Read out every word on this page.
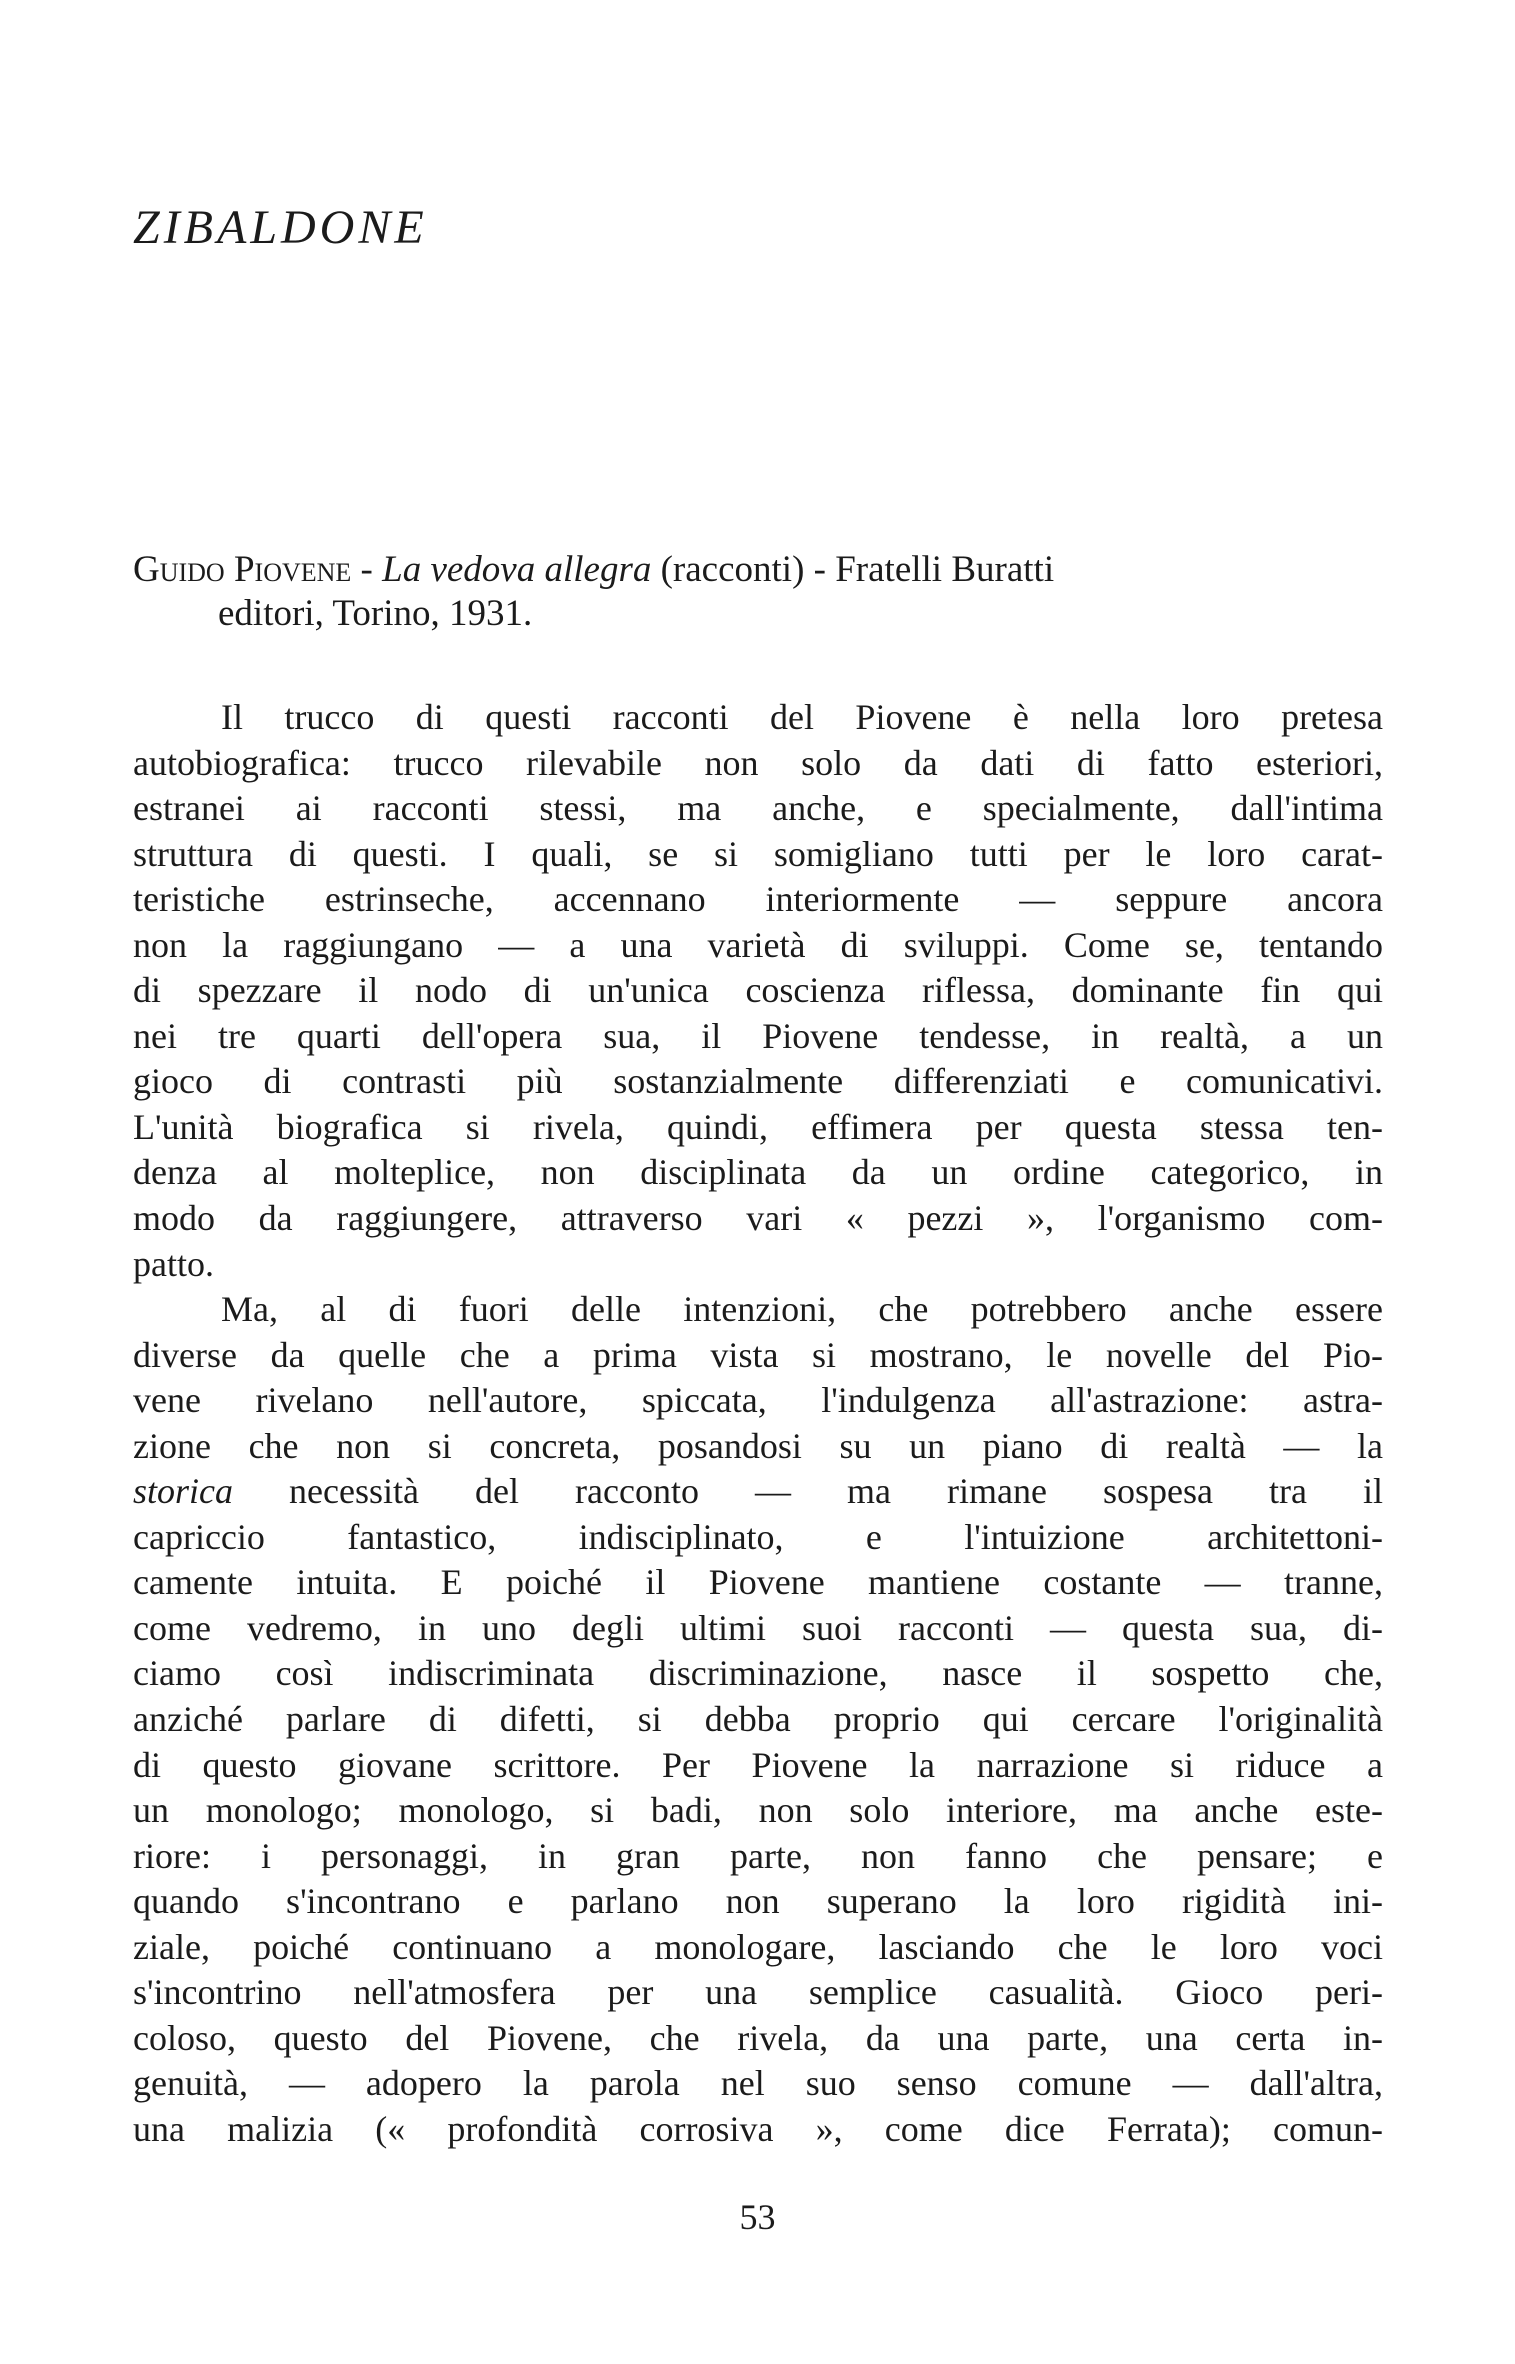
ZIBALDONE
Guido Piovene - La vedova allegra (racconti) - Fratelli Buratti
editori, Torino, 1931.
Il trucco di questi racconti del Piovene è nella loro pretesa
autobiografica: trucco rilevabile non solo da dati di fatto esteriori,
estranei ai racconti stessi, ma anche, e specialmente, dall'intima
struttura di questi. I quali, se si somigliano tutti per le loro carat-
teristiche estrinseche, accennano interiormente — seppure ancora
non la raggiungano — a una varietà di sviluppi. Come se, tentando
di spezzare il nodo di un'unica coscienza riflessa, dominante fin qui
nei tre quarti dell'opera sua, il Piovene tendesse, in realtà, a un
gioco di contrasti più sostanzialmente differenziati e comunicativi.
L'unità biografica si rivela, quindi, effimera per questa stessa ten-
denza al molteplice, non disciplinata da un ordine categorico, in
modo da raggiungere, attraverso vari « pezzi », l'organismo com-
patto.
Ma, al di fuori delle intenzioni, che potrebbero anche essere
diverse da quelle che a prima vista si mostrano, le novelle del Pio-
vene rivelano nell'autore, spiccata, l'indulgenza all'astrazione: astra-
zione che non si concreta, posandosi su un piano di realtà — la
storica necessità del racconto — ma rimane sospesa tra il
capriccio fantastico, indisciplinato, e l'intuizione architettoni-
camente intuita. E poiché il Piovene mantiene costante — tranne,
come vedremo, in uno degli ultimi suoi racconti — questa sua, di-
ciamo così indiscriminata discriminazione, nasce il sospetto che,
anziché parlare di difetti, si debba proprio qui cercare l'originalità
di questo giovane scrittore. Per Piovene la narrazione si riduce a
un monologo; monologo, si badi, non solo interiore, ma anche este-
riore: i personaggi, in gran parte, non fanno che pensare; e
quando s'incontrano e parlano non superano la loro rigidità ini-
ziale, poiché continuano a monologare, lasciando che le loro voci
s'incontrino nell'atmosfera per una semplice casualità. Gioco peri-
coloso, questo del Piovene, che rivela, da una parte, una certa in-
genuità, — adopero la parola nel suo senso comune — dall'altra,
una malizia (« profondità corrosiva », come dice Ferrata); comun-
53
